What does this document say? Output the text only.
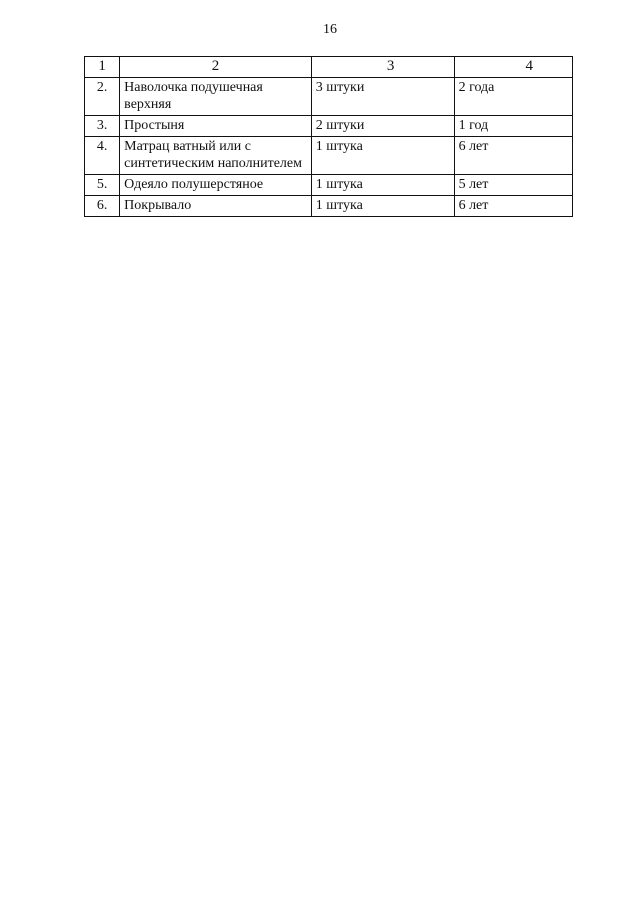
16
1	2	3	4
2.	Наволочка подушечная верхняя	3 штуки	2 года
3.	Простыня	2 штуки	1 год
4.	Матрац ватный или с синтетическим наполнителем	1 штука	6 лет
5.	Одеяло полушерстяное	1 штука	5 лет
6.	Покрывало	1 штука	6 лет
